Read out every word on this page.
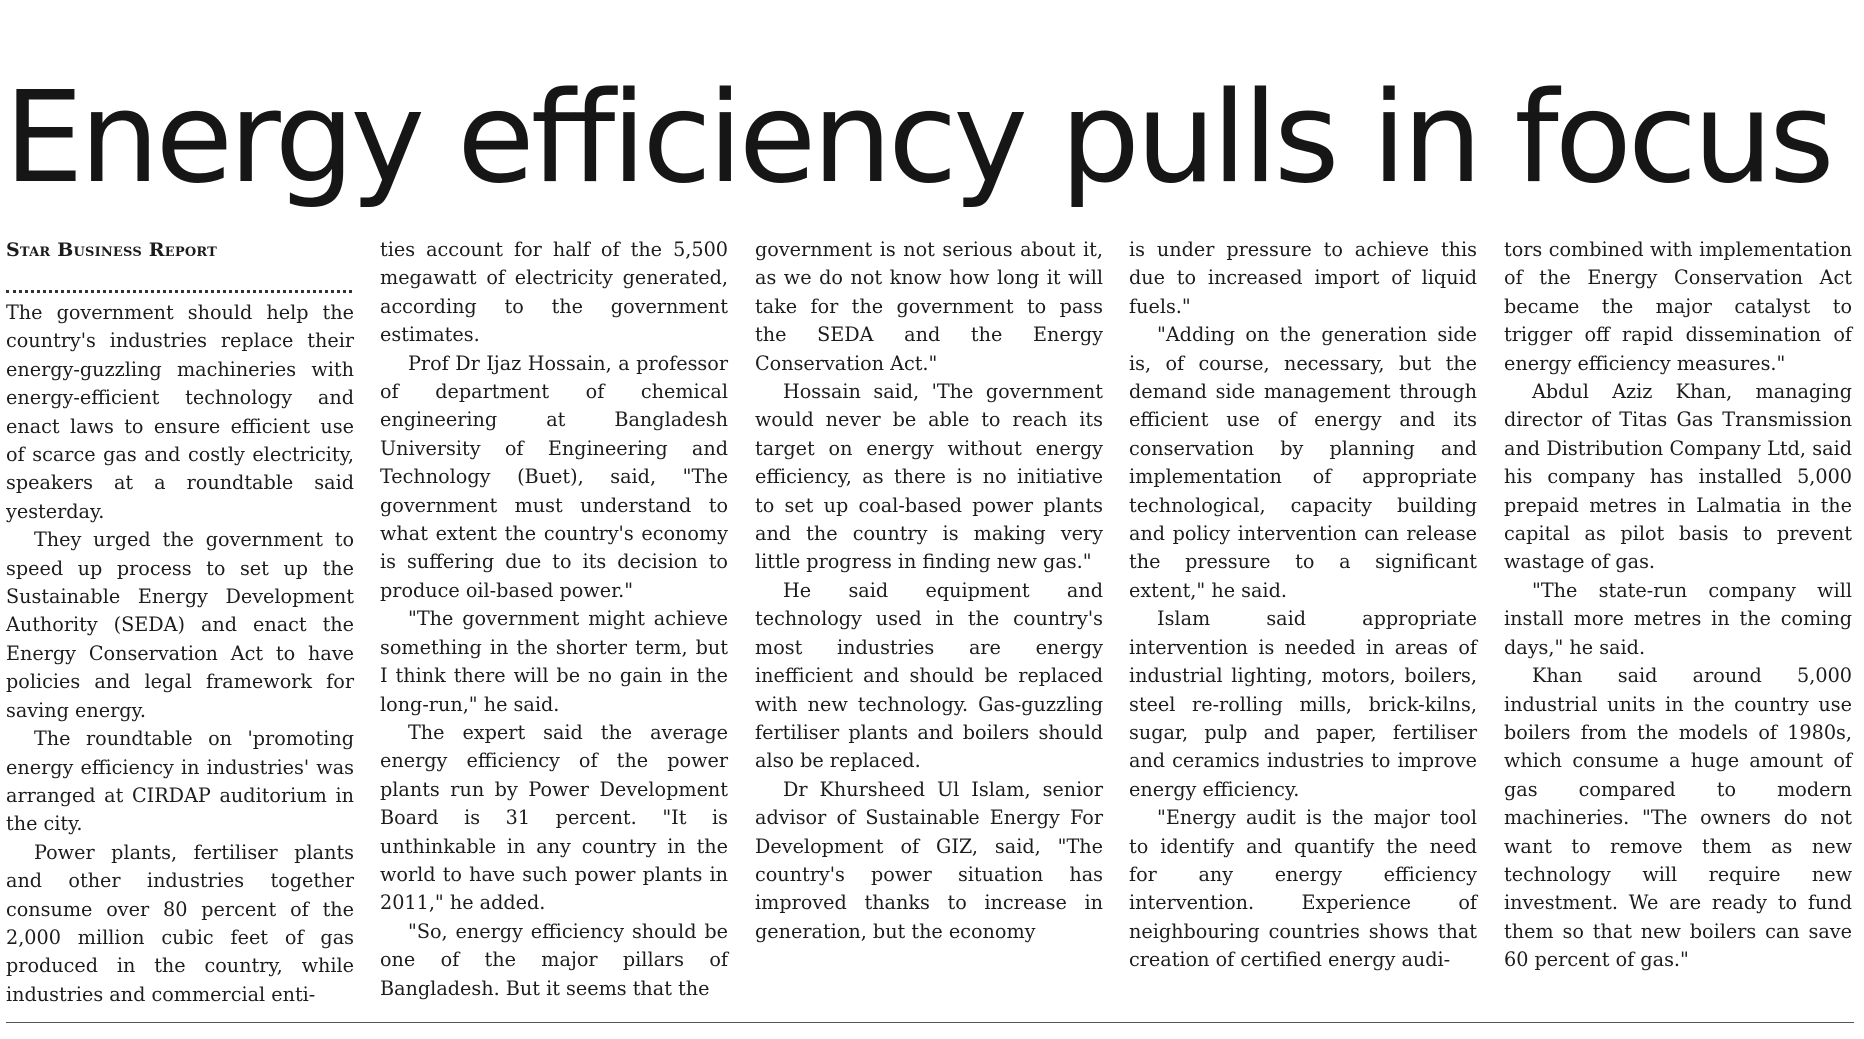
Energy efficiency pulls in focus
Star Business Report

The government should help the country's industries replace their energy-guzzling machineries with energy-efficient technology and enact laws to ensure efficient use of scarce gas and costly electricity, speakers at a roundtable said yesterday.

They urged the government to speed up process to set up the Sustainable Energy Development Authority (SEDA) and enact the Energy Conservation Act to have policies and legal framework for saving energy.

The roundtable on 'promoting energy efficiency in industries' was arranged at CIRDAP auditorium in the city.

Power plants, fertiliser plants and other industries together consume over 80 percent of the 2,000 million cubic feet of gas produced in the country, while industries and commercial enti-

ties account for half of the 5,500 megawatt of electricity generated, according to the government estimates.

Prof Dr Ijaz Hossain, a professor of department of chemical engineering at Bangladesh University of Engineering and Technology (Buet), said, "The government must understand to what extent the country's economy is suffering due to its decision to produce oil-based power."

"The government might achieve something in the shorter term, but I think there will be no gain in the long-run," he said.

The expert said the average energy efficiency of the power plants run by Power Development Board is 31 percent. "It is unthinkable in any country in the world to have such power plants in 2011," he added.

"So, energy efficiency should be one of the major pillars of Bangladesh. But it seems that the

government is not serious about it, as we do not know how long it will take for the government to pass the SEDA and the Energy Conservation Act."

Hossain said, 'The government would never be able to reach its target on energy without energy efficiency, as there is no initiative to set up coal-based power plants and the country is making very little progress in finding new gas."

He said equipment and technology used in the country's most industries are energy inefficient and should be replaced with new technology. Gas-guzzling fertiliser plants and boilers should also be replaced.

Dr Khursheed Ul Islam, senior advisor of Sustainable Energy For Development of GIZ, said, "The country's power situation has improved thanks to increase in generation, but the economy

is under pressure to achieve this due to increased import of liquid fuels."

"Adding on the generation side is, of course, necessary, but the demand side management through efficient use of energy and its conservation by planning and implementation of appropriate technological, capacity building and policy intervention can release the pressure to a significant extent," he said.

Islam said appropriate intervention is needed in areas of industrial lighting, motors, boilers, steel re-rolling mills, brick-kilns, sugar, pulp and paper, fertiliser and ceramics industries to improve energy efficiency.

"Energy audit is the major tool to identify and quantify the need for any energy efficiency intervention. Experience of neighbouring countries shows that creation of certified energy audi-

tors combined with implementation of the Energy Conservation Act became the major catalyst to trigger off rapid dissemination of energy efficiency measures."

Abdul Aziz Khan, managing director of Titas Gas Transmission and Distribution Company Ltd, said his company has installed 5,000 prepaid metres in Lalmatia in the capital as pilot basis to prevent wastage of gas.

"The state-run company will install more metres in the coming days," he said.

Khan said around 5,000 industrial units in the country use boilers from the models of 1980s, which consume a huge amount of gas compared to modern machineries. "The owners do not want to remove them as new technology will require new investment. We are ready to fund them so that new boilers can save 60 percent of gas."
